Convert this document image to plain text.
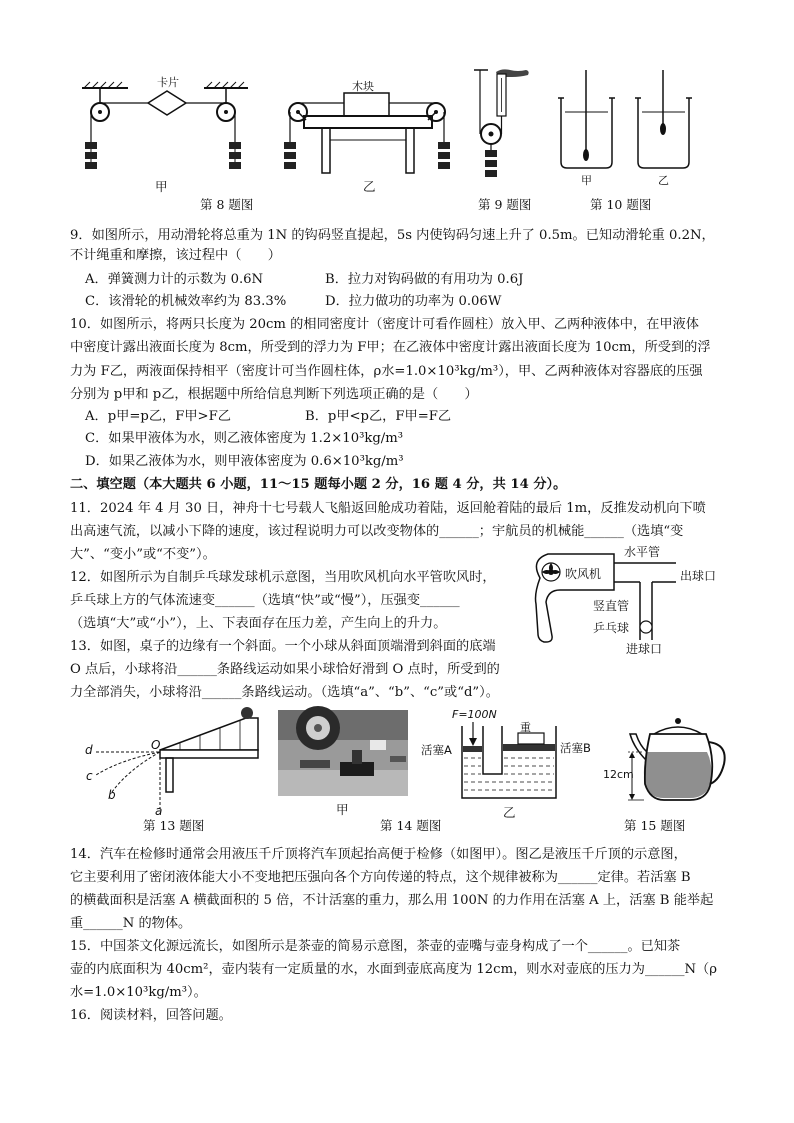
卡片
甲
木块
乙
第 8 题图	第 9 题图
甲	乙
第 10 题图
9．如图所示，用动滑轮将总重为 1N 的钩码竖直提起，5s 内使钩码匀速上升了 0.5m。已知动滑轮重 0.2N，
不计绳重和摩擦，该过程中（　　）
A．弹簧测力计的示数为 0.6N	B．拉力对钩码做的有用功为 0.6J
C．该滑轮的机械效率约为 83.3%	D．拉力做功的功率为 0.06W
10．如图所示，将两只长度为 20cm 的相同密度计（密度计可看作圆柱）放入甲、乙两种液体中，在甲液体
中密度计露出液面长度为 8cm，所受到的浮力为 F甲；在乙液体中密度计露出液面长度为 10cm，所受到的浮
力为 F乙，两液面保持相平（密度计可当作圆柱体，ρ水=1.0×10³kg/m³），甲、乙两种液体对容器底的压强
分别为 p甲和 p乙，根据题中所给信息判断下列选项正确的是（　　）
A．p甲=p乙，F甲>F乙	B．p甲<p乙，F甲=F乙
C．如果甲液体为水，则乙液体密度为 1.2×10³kg/m³
D．如果乙液体为水，则甲液体密度为 0.6×10³kg/m³
二、填空题（本大题共 6 小题，11～15 题每小题 2 分，16 题 4 分，共 14 分）。
11．2024 年 4 月 30 日，神舟十七号载人飞船返回舱成功着陆，返回舱着陆的最后 1m，反推发动机向下喷
出高速气流，以减小下降的速度，该过程说明力可以改变物体的______；宇航员的机械能______（选填“变
大”、“变小”或“不变”）。
12．如图所示为自制乒乓球发球机示意图，当用吹风机向水平管吹风时，
乒乓球上方的气体流速变______（选填“快”或“慢”），压强变______
（选填“大”或“小”），上、下表面存在压力差，产生向上的升力。
吹风机
水平管
出球口
竖直管
乒乓球
进球口
13．如图，桌子的边缘有一个斜面。一个小球从斜面顶端滑到斜面的底端
O 点后，小球将沿______条路线运动如果小球恰好滑到 O 点时，所受到的
力全部消失，小球将沿______条路线运动。（选填“a”、“b”、“c”或“d”）。
d
c
b
a
O
第 13 题图
甲
F=100N
重
活塞A	活塞B
乙
第 14 题图
12cm
第 15 题图
14．汽车在检修时通常会用液压千斤顶将汽车顶起抬高便于检修（如图甲）。图乙是液压千斤顶的示意图，
它主要利用了密闭液体能大小不变地把压强向各个方向传递的特点，这个规律被称为______定律。若活塞 B
的横截面积是活塞 A 横截面积的 5 倍，不计活塞的重力，那么用 100N 的力作用在活塞 A 上，活塞 B 能举起
重______N 的物体。
15．中国茶文化源远流长，如图所示是茶壶的简易示意图，茶壶的壶嘴与壶身构成了一个______。已知茶
壶的内底面积为 40cm²，壶内装有一定质量的水，水面到壶底高度为 12cm，则水对壶底的压力为______N（ρ
水=1.0×10³kg/m³）。
16．阅读材料，回答问题。
